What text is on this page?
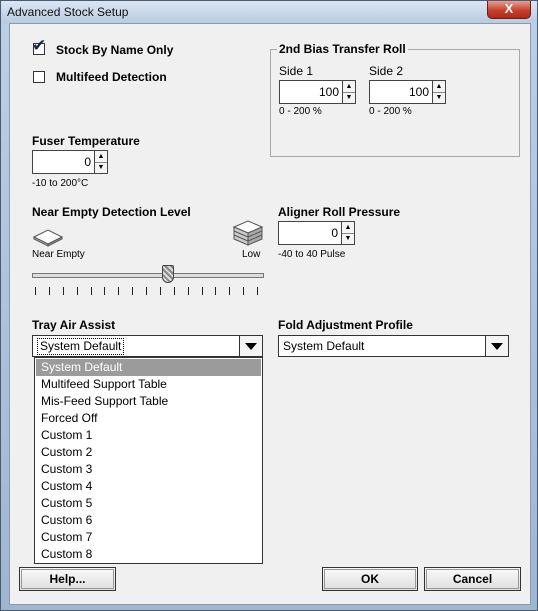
Advanced Stock Setup	X
✔ Stock By Name Only
Multifeed Detection
2nd Bias Transfer Roll
Side 1
100 ▲
▼
0 - 200 %
Side 2
100 ▲
▼
0 - 200 %
Fuser Temperature
0 ▲
▼
-10 to 200°C
Near Empty Detection Level
Near Empty	Low
Aligner Roll Pressure
0 ▲
▼
-40 to 40 Pulse
Tray Air Assist
System Default
System Default
Multifeed Support Table
Mis-Feed Support Table
Forced Off
Custom 1
Custom 2
Custom 3
Custom 4
Custom 5
Custom 6
Custom 7
Custom 8
Fold Adjustment Profile
System Default
Help...	OK	Cancel
